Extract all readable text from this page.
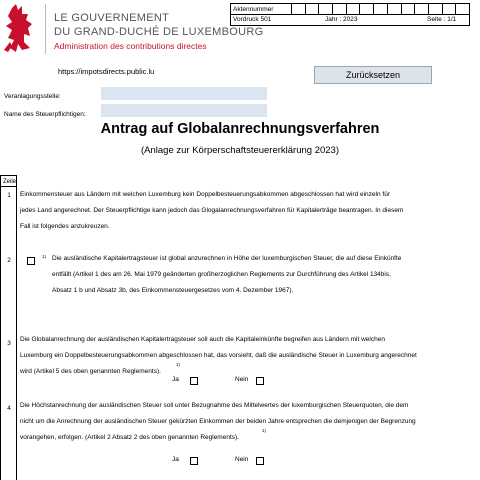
LE GOUVERNEMENT
DU GRAND-DUCHÉ DE LUXEMBOURG
Administration des contributions directes
Aktennummer
Vordruck 501	Jahr : 2023	Seite : 1/1
https://impotsdirects.public.lu	Zurücksetzen
Veranlagungsstelle:
Name des Steuerpflichtigen:
Antrag auf Globalanrechnungsverfahren
(Anlage zur Körperschaftsteuererklärung 2023)
Zeile
1	Einkommensteuer aus Ländern mit welchen Luxemburg kein Doppelbesteuerungsabkommen abgeschlossen hat wird einzeln für
jedes Land angerechnet. Der Steuerpflichtige kann jedoch das Glogalanrechnungsverfahren für Kapitalerträge beantragen. In diesem
Fall ist folgendes anzukreuzen.
2
1) Die ausländische Kapitalertragsteuer ist global anzurechnen in Höhe der luxemburgischen Steuer, die auf diese Einkünfte
entfällt (Artikel 1 des am 26. Mai 1979 geänderten großherzoglichen Reglements zur Durchführung des Artikel 134bis,
Absatz 1 b und Absatz 3b, des Einkommensteuergesetzes vom 4. Dezember 1967).
3
Die Globalanrechnung der ausländischen Kapitalertragsteuer soll auch die Kapitaleinkünfte begreifen aus Ländern mit welchen
Luxemburg ein Doppelbesteuerungsabkommen abgeschlossen hat, das vorsieht, daß die ausländische Steuer in Luxemburg angerechnet
wird (Artikel 5 des oben genannten Reglements).
1)
Ja	Nein
4	Die Höchstanrechnung der ausländischen Steuer soll unter Bezugnahme des Mittelwertes der luxemburgischen Steuerquoten, die dem
nicht um die Anrechnung der ausländischen Steuer gekürzten Einkommen der beiden Jahre entsprechen die demjenigen der Begrenzung
vorangehen, erfolgen. (Artikel 2 Absatz 2 des oben genannten Reglements).
1)
Ja	Nein
